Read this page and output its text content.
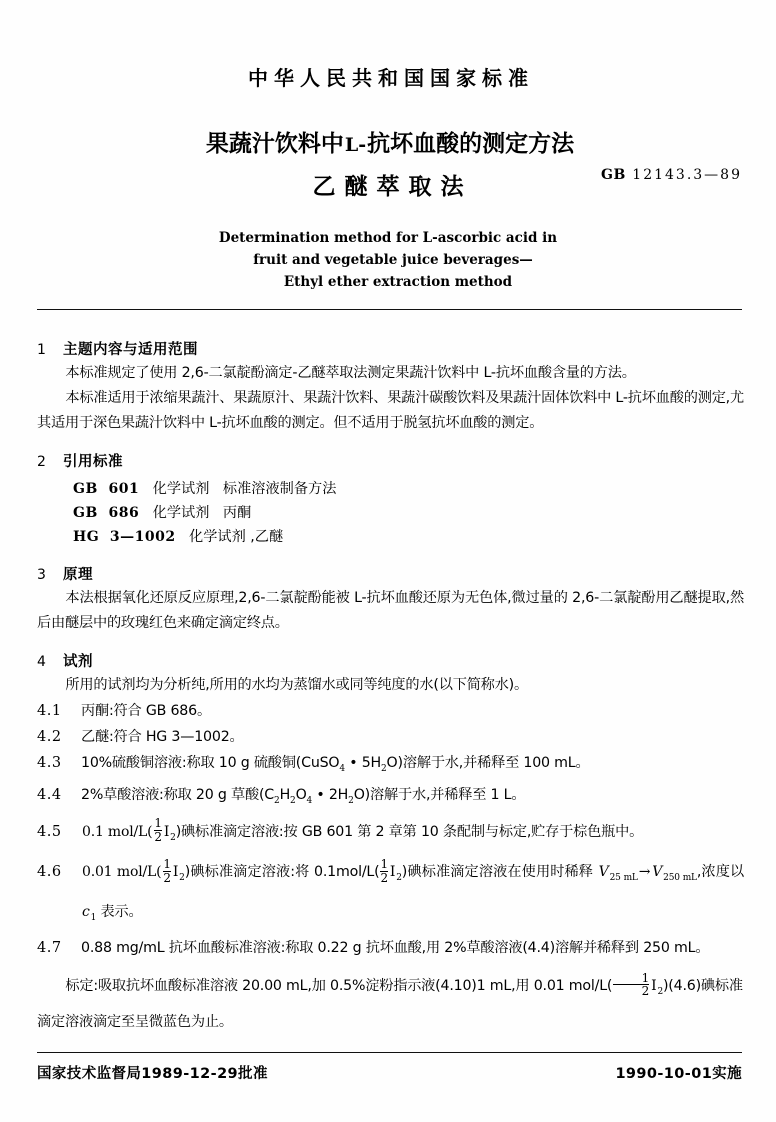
中华人民共和国国家标准
果蔬汁饮料中L-抗坏血酸的测定方法
乙醚萃取法	GB 12143.3—89
Determination method for L-ascorbic acid in
fruit and vegetable juice beverages—
Ethyl ether extraction method
1	主题内容与适用范围

本标准规定了使用 2,6-二氯靛酚滴定-乙醚萃取法测定果蔬汁饮料中 L-抗坏血酸含量的方法。

本标准适用于浓缩果蔬汁、果蔬原汁、果蔬汁饮料、果蔬汁碳酸饮料及果蔬汁固体饮料中 L-抗坏血酸的测定,尤其适用于深色果蔬汁饮料中 L-抗坏血酸的测定。但不适用于脱氢抗坏血酸的测定。

2	引用标准
GB  601 化学试剂   标准溶液制备方法
GB  686 化学试剂   丙酮
HG  3—1002 化学试剂 ,乙醚
3	原理

本法根据氧化还原反应原理,2,6-二氯靛酚能被 L-抗坏血酸还原为无色体,微过量的 2,6-二氯靛酚用乙醚提取,然后由醚层中的玫瑰红色来确定滴定终点。

4	试剂

所用的试剂均为分析纯,所用的水均为蒸馏水或同等纯度的水(以下简称水)。

4.1	丙酮:符合 GB 686。
4.2	乙醚:符合 HG 3—1002。
4.3	10%硫酸铜溶液:称取 10 g 硫酸铜(CuSO$_4$ • $5H_2O$)溶解于水,并稀释至 100 mL。
4.4	2%草酸溶液:称取 20 g 草酸($C_2H_2O_4$ • $2H_2O$)溶解于水,并稀释至 1 L。
4.5	0.1 $mol/L( \frac{1}{2} I_2)$碘标准滴定溶液:按 GB 601 第 2 章第 10 条配制与标定,贮存于棕色瓶中。
4.6	0.01 $mol/L( \frac{1}{2} I_2)$碘标准滴定溶液:将 $0.1mol/L( \frac{1}{2} I_2)$碘标准滴定溶液在使用时稀释 $V_{25 mL}\to V_{250 mL}$,浓度以 $c_1$ 表示。
4.7	0.88 mg/mL 抗坏血酸标准溶液:称取 0.22 g 抗坏血酸,用 2%草酸溶液(4.4)溶解并稀释到 250 mL。

标定:吸取抗坏血酸标准溶液 20.00 mL,加 0.5%淀粉指示液(4.10)1 mL,用 0.01 $mol/L( \frac{1}{2} I_2)(4.6)$碘标准滴定溶液滴定至呈微蓝色为止。

国家技术监督局1989-12-29批准	1990-10-01实施
